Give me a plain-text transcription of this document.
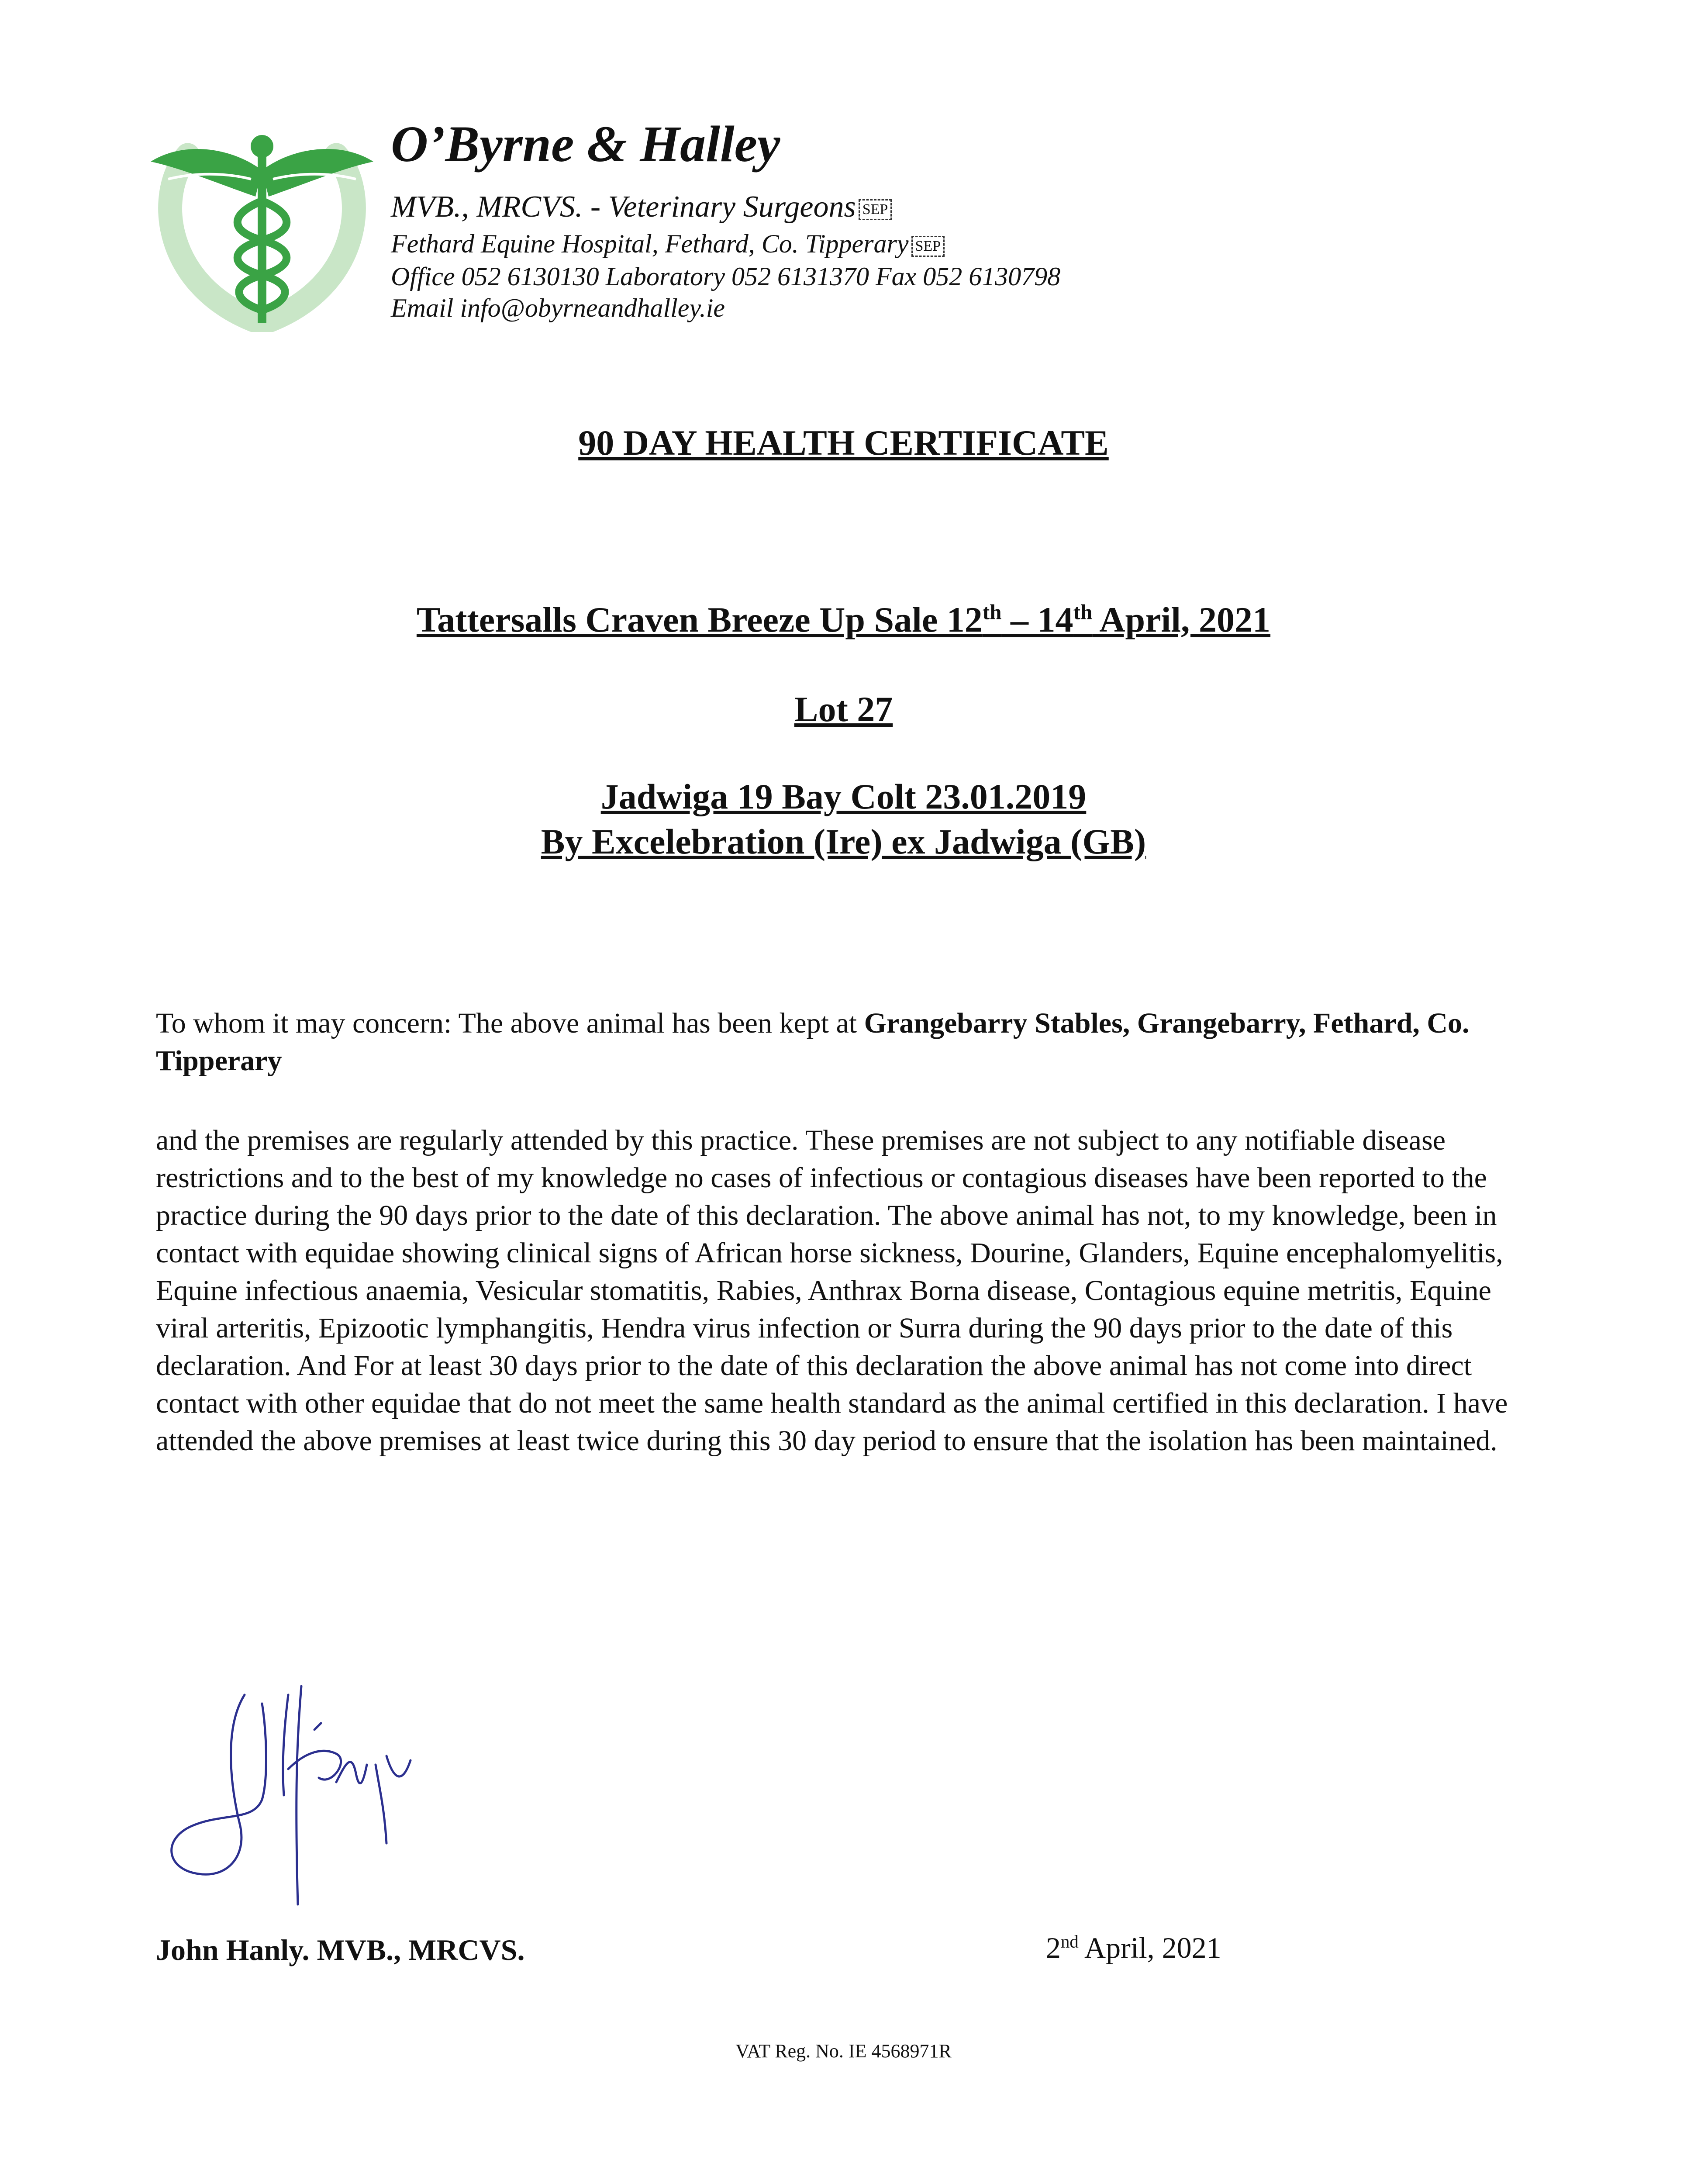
O’Byrne & Halley
MVB., MRCVS. - Veterinary Surgeons SEP
Fethard Equine Hospital, Fethard, Co. Tipperary SEP
Office 052 6130130 Laboratory 052 6131370 Fax 052 6130798
Email info@obyrneandhalley.ie
90 DAY HEALTH CERTIFICATE
Tattersalls Craven Breeze Up Sale 12th – 14th April, 2021
Lot 27
Jadwiga 19 Bay Colt 23.01.2019
By Excelebration (Ire) ex Jadwiga (GB)

To whom it may concern: The above animal has been kept at Grangebarry Stables, Grangebarry, Fethard, Co. Tipperary

and the premises are regularly attended by this practice. These premises are not subject to any notifiable disease restrictions and to the best of my knowledge no cases of infectious or contagious diseases have been reported to the practice during the 90 days prior to the date of this declaration. The above animal has not, to my knowledge, been in contact with equidae showing clinical signs of African horse sickness, Dourine, Glanders, Equine encephalomyelitis, Equine infectious anaemia, Vesicular stomatitis, Rabies, Anthrax Borna disease, Contagious equine metritis, Equine viral arteritis, Epizootic lymphangitis, Hendra virus infection or Surra during the 90 days prior to the date of this declaration. And For at least 30 days prior to the date of this declaration the above animal has not come into direct contact with other equidae that do not meet the same health standard as the animal certified in this declaration. I have attended the above premises at least twice during this 30 day period to ensure that the isolation has been maintained.

John Hanly. MVB., MRCVS.	2nd April, 2021
VAT Reg. No. IE 4568971R
